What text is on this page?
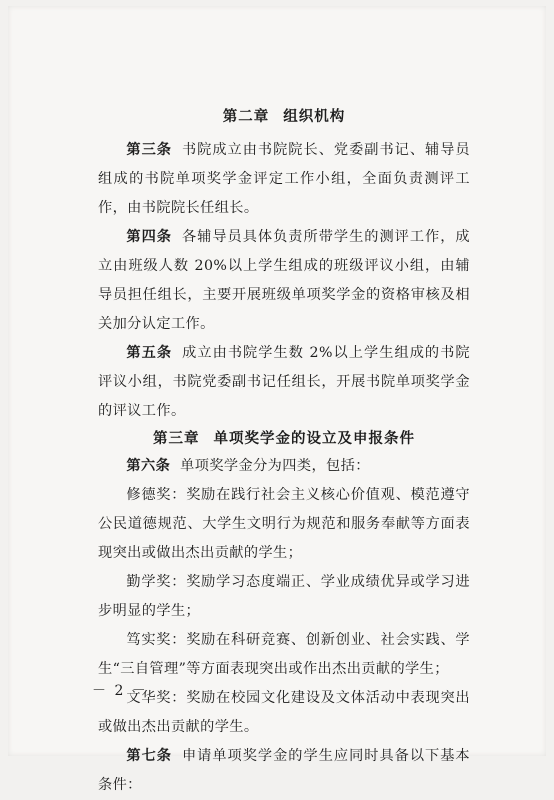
第二章 组织机构

第三条 书院成立由书院院长、党委副书记、辅导员组成的书院单项奖学金评定工作小组，全面负责测评工作，由书院院长任组长。

第四条 各辅导员具体负责所带学生的测评工作，成立由班级人数 20%以上学生组成的班级评议小组，由辅导员担任组长，主要开展班级单项奖学金的资格审核及相关加分认定工作。

第五条 成立由书院学生数 2%以上学生组成的书院评议小组，书院党委副书记任组长，开展书院单项奖学金的评议工作。

第三章 单项奖学金的设立及申报条件

第六条 单项奖学金分为四类，包括：

修德奖：奖励在践行社会主义核心价值观、模范遵守公民道德规范、大学生文明行为规范和服务奉献等方面表现突出或做出杰出贡献的学生；

勤学奖：奖励学习态度端正、学业成绩优异或学习进步明显的学生；

笃实奖：奖励在科研竞赛、创新创业、社会实践、学生“三自管理”等方面表现突出或作出杰出贡献的学生；

文华奖：奖励在校园文化建设及文体活动中表现突出或做出杰出贡献的学生。

第七条 申请单项奖学金的学生应同时具备以下基本条件：

－ 2 －
